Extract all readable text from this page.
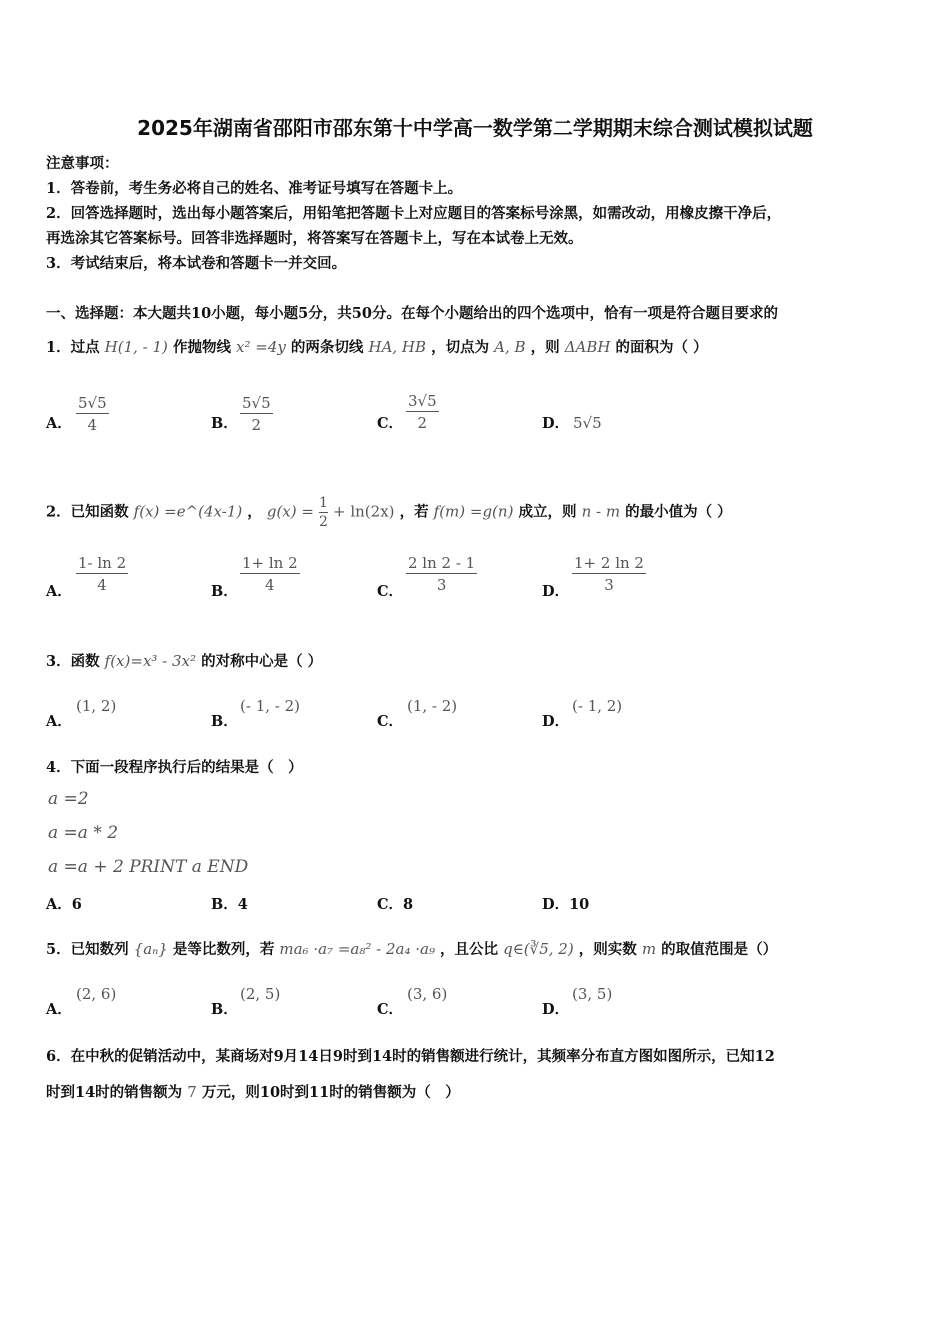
2025年湖南省邵阳市邵东第十中学高一数学第二学期期末综合测试模拟试题
注意事项：
1．答卷前，考生务必将自己的姓名、准考证号填写在答题卡上。
2．回答选择题时，选出每小题答案后，用铅笔把答题卡上对应题目的答案标号涂黑，如需改动，用橡皮擦干净后，
再选涂其它答案标号。回答非选择题时，将答案写在答题卡上，写在本试卷上无效。
3．考试结束后，将本试卷和答题卡一并交回。
一、选择题：本大题共10小题，每小题5分，共50分。在每个小题给出的四个选项中，恰有一项是符合题目要求的
1．过点 H(1, - 1) 作抛物线 x² =4y 的两条切线 HA, HB ，切点为 A, B ，则 ΔABH 的面积为（ ）
A． $\frac{5√5}{4}$	B． $\frac{5√5}{2}$	C． $\frac{3√5}{2}$	D． 5√5
2．已知函数 f(x) =e^(4x-1) ， $g(x) = \frac{1}{2} + \ln(2x)$ ，若 f(m) =g(n) 成立，则 n - m 的最小值为（ ）
A． $\frac{1- \ln 2}{4}$	B． $\frac{1+ \ln 2}{4}$	C． $\frac{2 \ln 2 - 1}{3}$	D． $\frac{1+ 2 \ln 2}{3}$
3．函数 f(x)=x³ - 3x² 的对称中心是（ ）
A．
(1, 2)
B．
(- 1, - 2)
C．
(1, - 2)
D．
(- 1, 2)
4．下面一段程序执行后的结果是（　）
a =2
a =a * 2
a =a + 2 PRINT a END
A．6	B．4	C．8	D．10
5．已知数列 {aₙ} 是等比数列，若 ma₆ ·a₇ =a₈² - 2a₄ ·a₉ ，且公比 q∈(∛5, 2) ，则实数 m 的取值范围是（）
A．
(2, 6)
B．
(2, 5)
C．
(3, 6)
D．
(3, 5)
6．在中秋的促销活动中，某商场对9月14日9时到14时的销售额进行统计，其频率分布直方图如图所示，已知12
时到14时的销售额为 7 万元，则10时到11时的销售额为（　）
